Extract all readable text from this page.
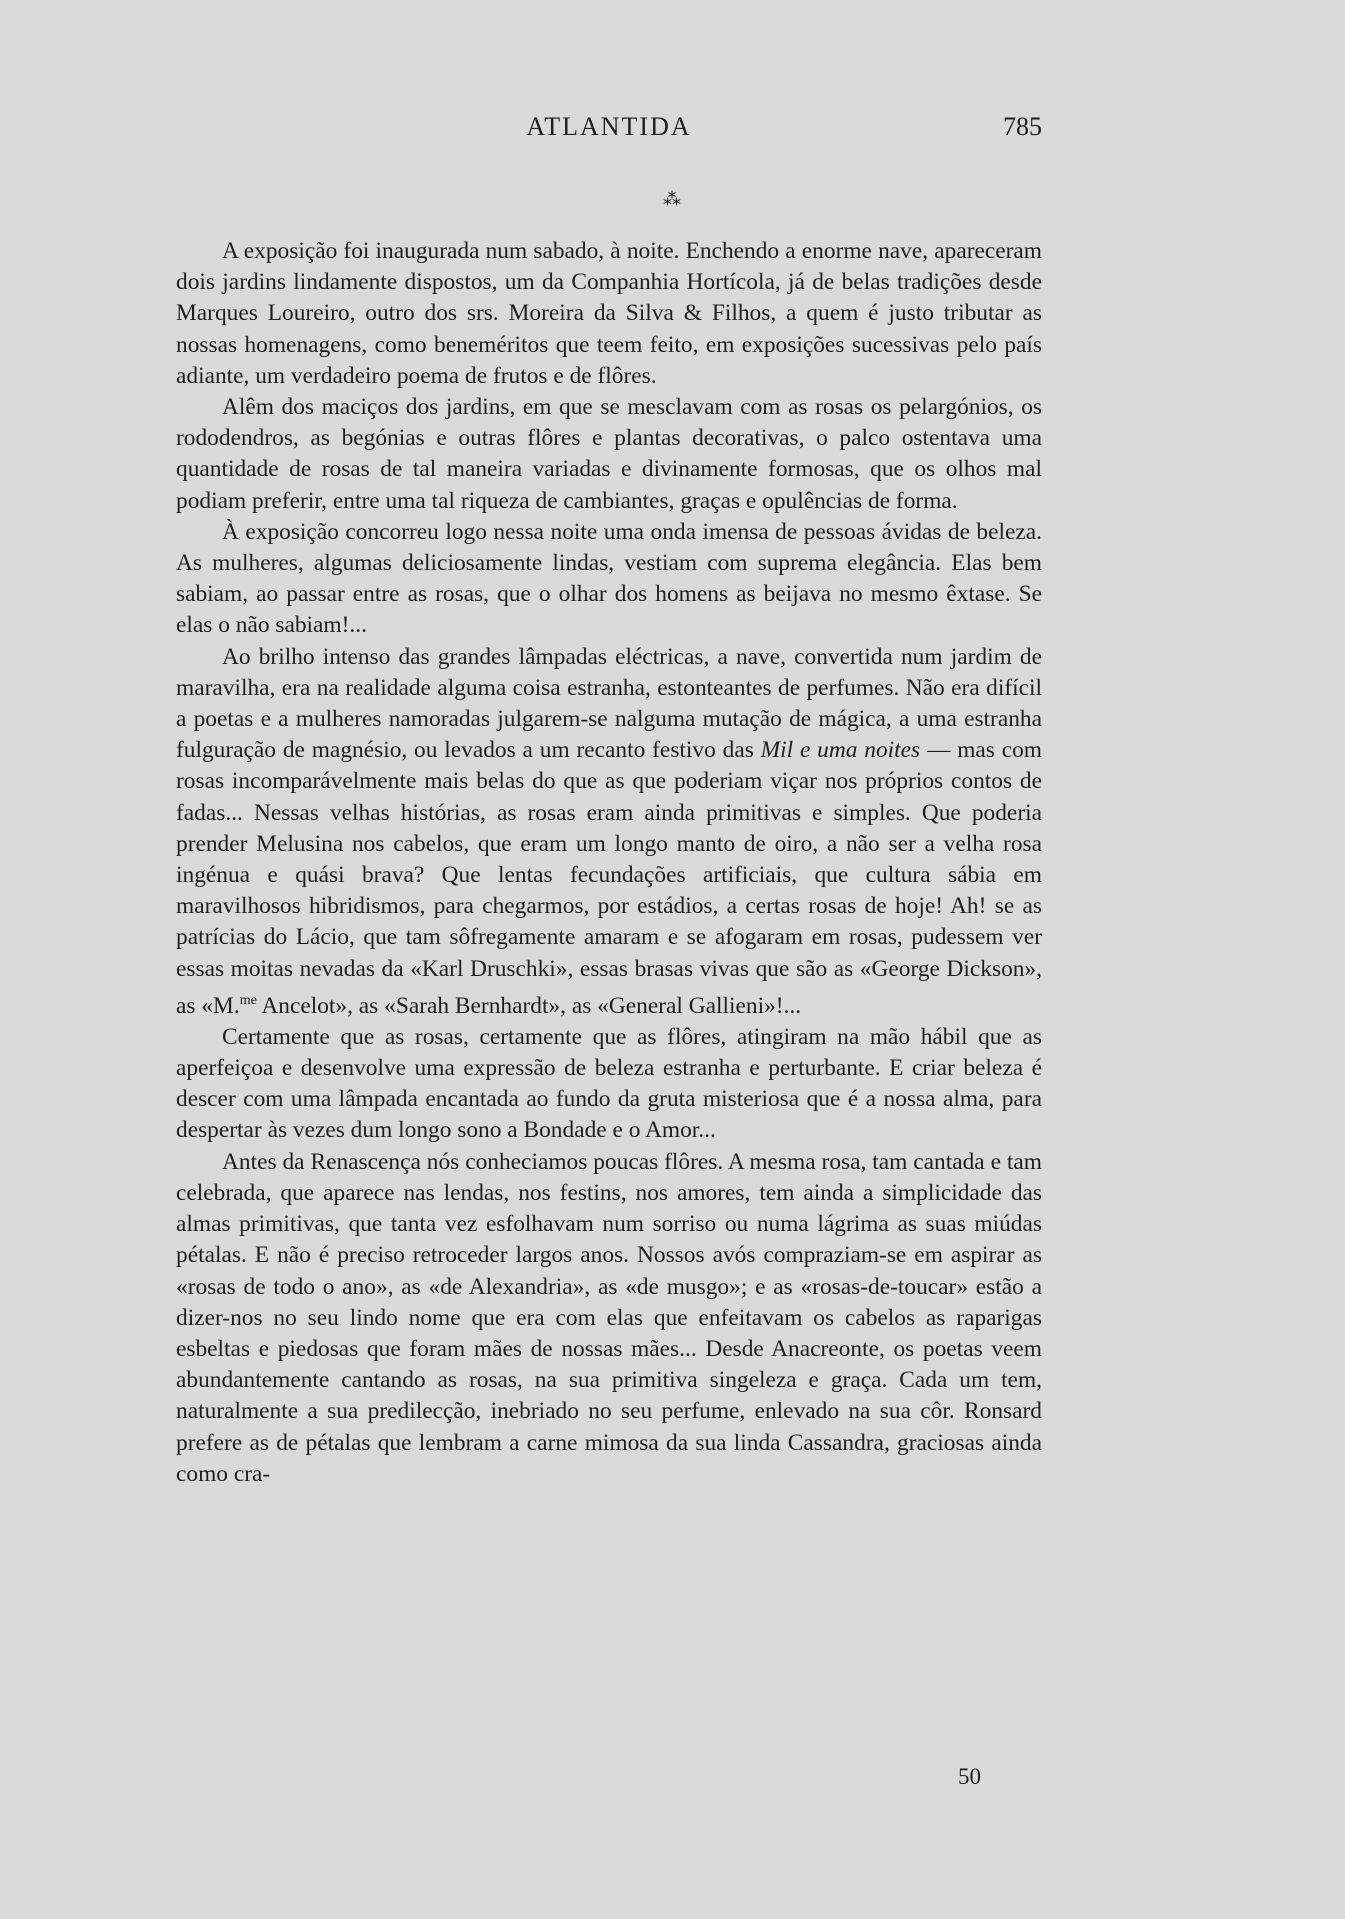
ATLANTIDA	785
⁂

A exposição foi inaugurada num sabado, à noite. Enchendo a enorme nave, apareceram dois jardins lindamente dispostos, um da Companhia Hortícola, já de belas tradições desde Marques Loureiro, outro dos srs. Moreira da Silva & Filhos, a quem é justo tributar as nossas homenagens, como beneméritos que teem feito, em exposições sucessivas pelo país adiante, um verdadeiro poema de frutos e de flôres.

Alêm dos maciços dos jardins, em que se mesclavam com as rosas os pelargónios, os rododendros, as begónias e outras flôres e plantas decorativas, o palco ostentava uma quantidade de rosas de tal maneira variadas e divinamente formosas, que os olhos mal podiam preferir, entre uma tal riqueza de cambiantes, graças e opulências de forma.

À exposição concorreu logo nessa noite uma onda imensa de pessoas ávidas de beleza. As mulheres, algumas deliciosamente lindas, vestiam com suprema elegância. Elas bem sabiam, ao passar entre as rosas, que o olhar dos homens as beijava no mesmo êxtase. Se elas o não sabiam!...

Ao brilho intenso das grandes lâmpadas eléctricas, a nave, convertida num jardim de maravilha, era na realidade alguma coisa estranha, estonteantes de perfumes. Não era difícil a poetas e a mulheres namoradas julgarem-se nalguma mutação de mágica, a uma estranha fulguração de magnésio, ou levados a um recanto festivo das Mil e uma noites — mas com rosas incomparávelmente mais belas do que as que poderiam viçar nos próprios contos de fadas... Nessas velhas histórias, as rosas eram ainda primitivas e simples. Que poderia prender Melusina nos cabelos, que eram um longo manto de oiro, a não ser a velha rosa ingénua e quási brava? Que lentas fecundações artificiais, que cultura sábia em maravilhosos hibridismos, para chegarmos, por estádios, a certas rosas de hoje! Ah! se as patrícias do Lácio, que tam sôfregamente amaram e se afogaram em rosas, pudessem ver essas moitas nevadas da «Karl Druschki», essas brasas vivas que são as «George Dickson», as «M.$^{me}$ Ancelot», as «Sarah Bernhardt», as «General Gallieni»!...

Certamente que as rosas, certamente que as flôres, atingiram na mão hábil que as aperfeiçoa e desenvolve uma expressão de beleza estranha e perturbante. E criar beleza é descer com uma lâmpada encantada ao fundo da gruta misteriosa que é a nossa alma, para despertar às vezes dum longo sono a Bondade e o Amor...

Antes da Renascença nós conheciamos poucas flôres. A mesma rosa, tam cantada e tam celebrada, que aparece nas lendas, nos festins, nos amores, tem ainda a simplicidade das almas primitivas, que tanta vez esfolhavam num sorriso ou numa lágrima as suas miúdas pétalas. E não é preciso retroceder largos anos. Nossos avós compraziam-se em aspirar as «rosas de todo o ano», as «de Alexandria», as «de musgo»; e as «rosas-de-toucar» estão a dizer-nos no seu lindo nome que era com elas que enfeitavam os cabelos as raparigas esbeltas e piedosas que foram mães de nossas mães... Desde Anacreonte, os poetas veem abundantemente cantando as rosas, na sua primitiva singeleza e graça. Cada um tem, naturalmente a sua predilecção, inebriado no seu perfume, enlevado na sua côr. Ronsard prefere as de pétalas que lembram a carne mimosa da sua linda Cassandra, graciosas ainda como cra-

50
